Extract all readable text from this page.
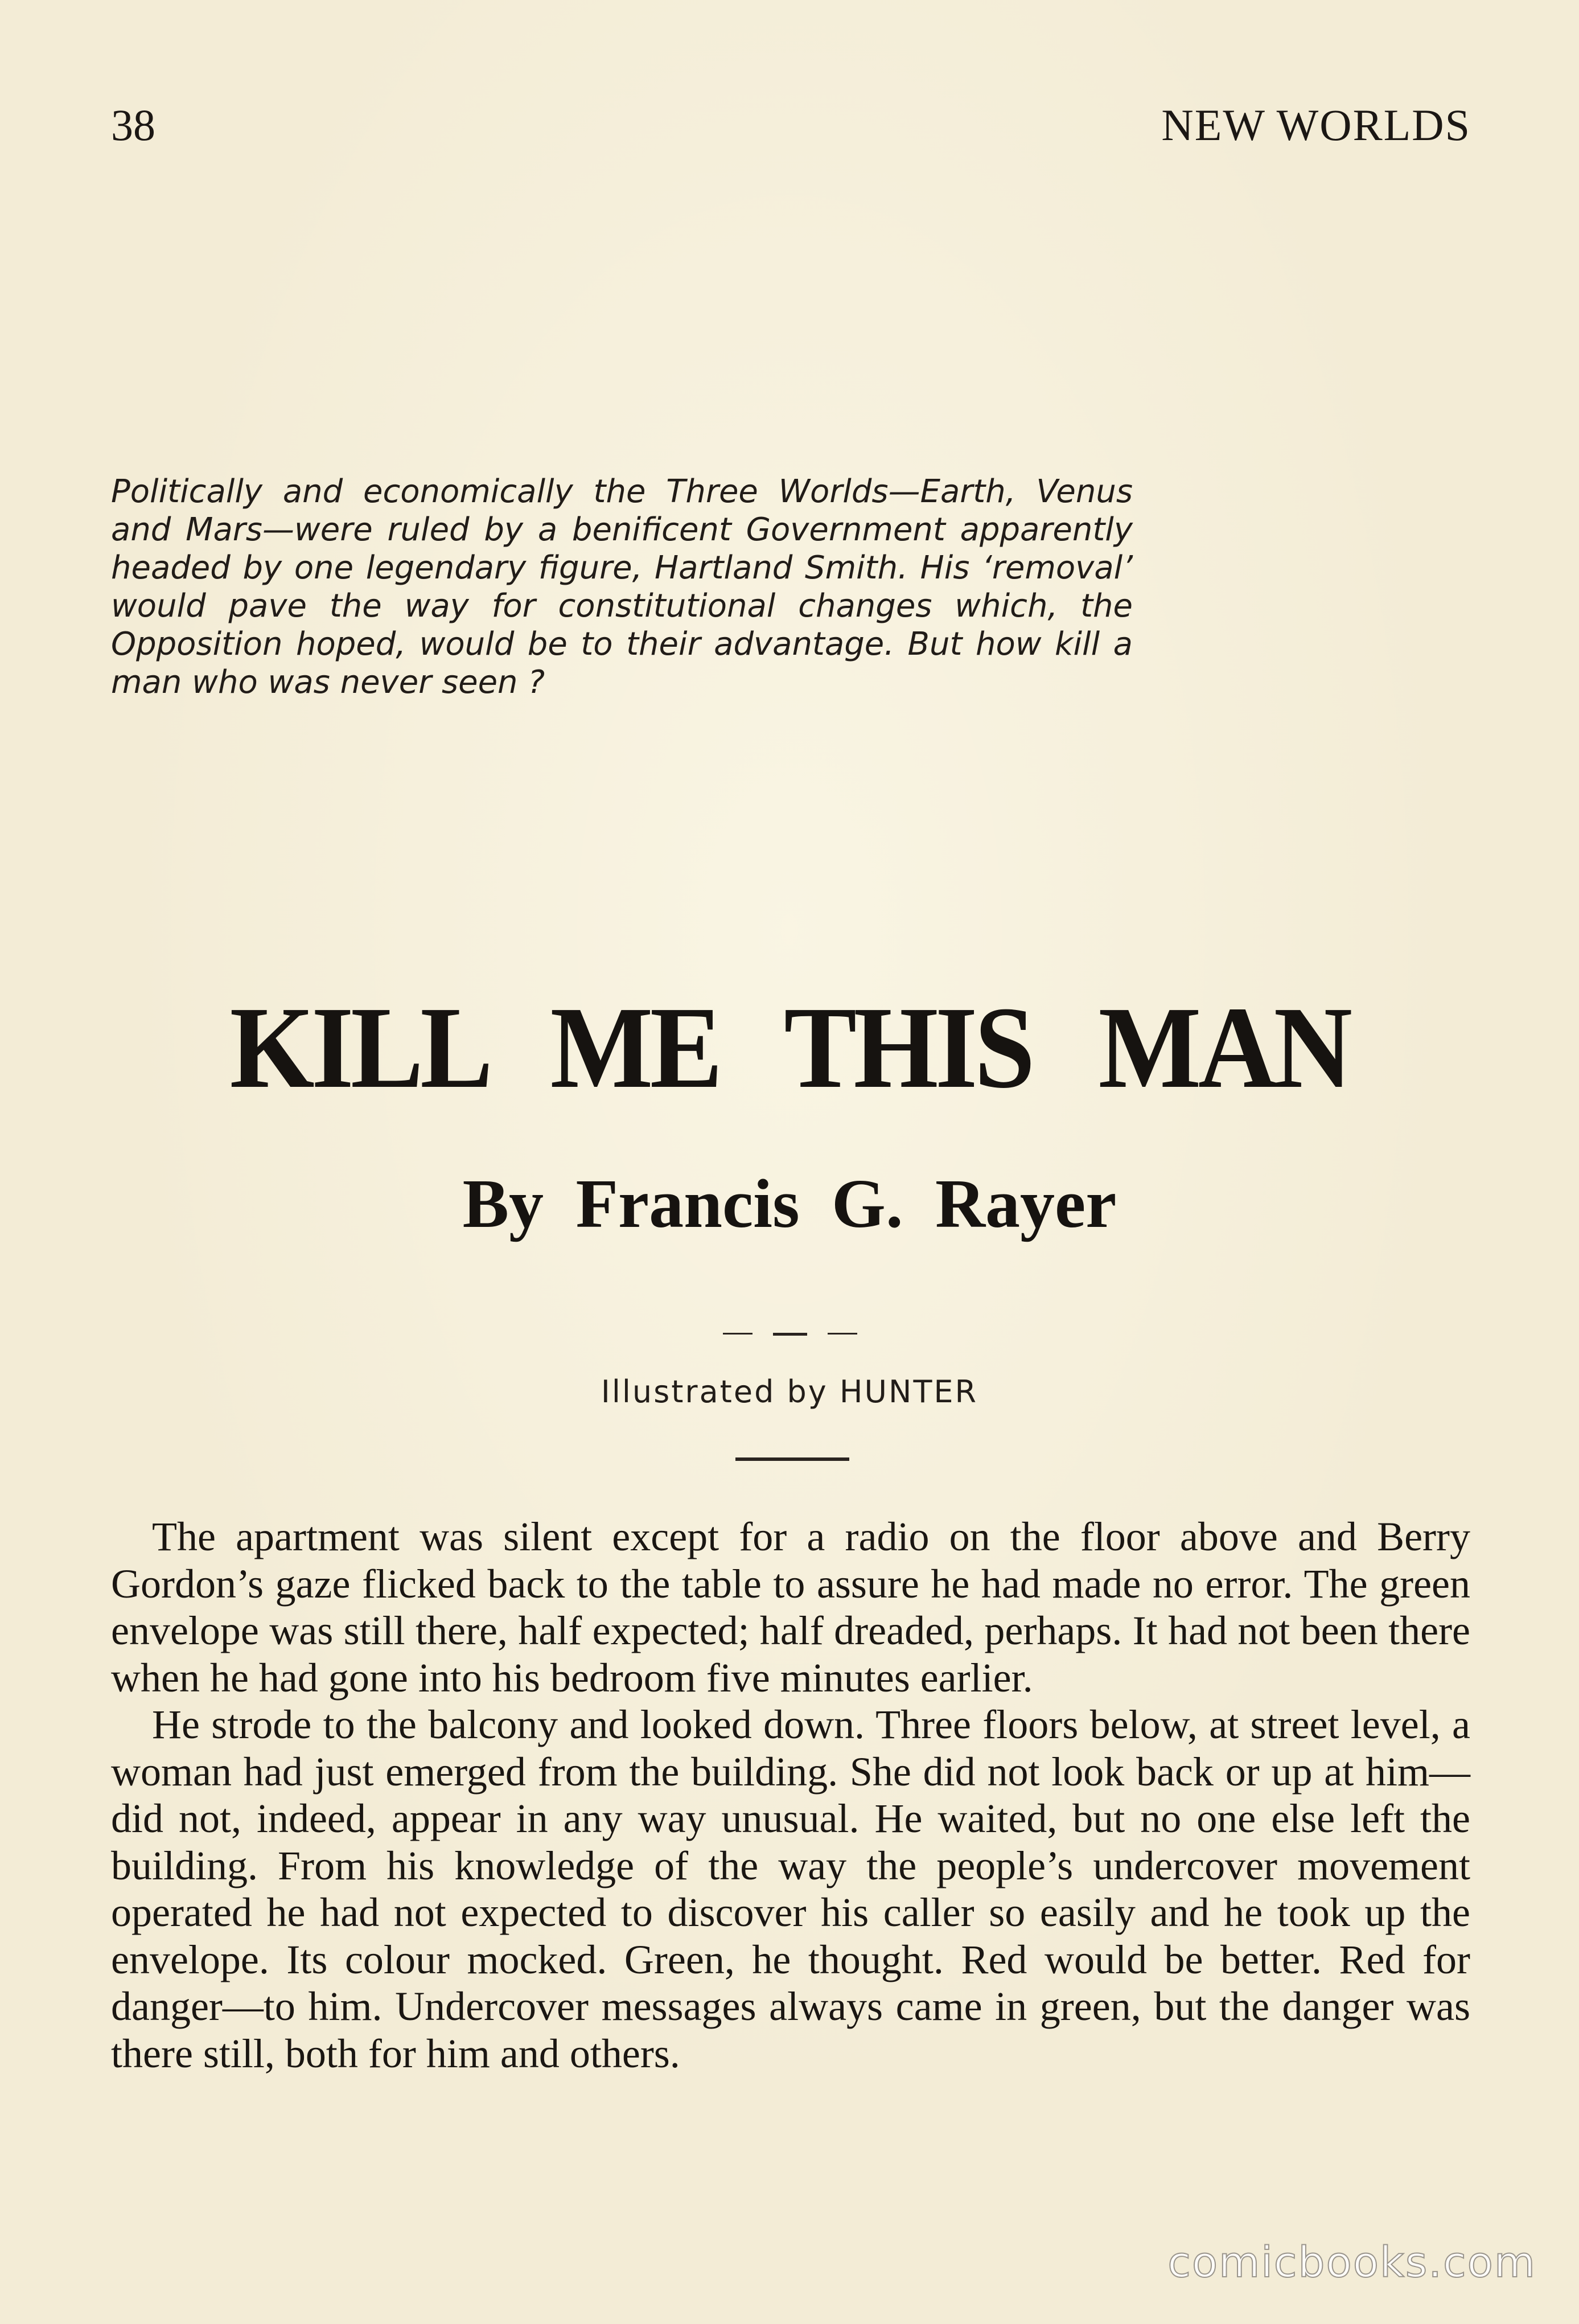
38	NEW WORLDS
Politically and economically the Three Worlds—Earth, Venus and Mars—were ruled by a benificent Government apparently headed by one legendary figure, Hartland Smith. His ‘removal’ would pave the way for constitutional changes which, the Opposition hoped, would be to their advantage. But how kill a man who was never seen ?
KILL ME THIS MAN
By Francis G. Rayer
Illustrated by HUNTER

The apartment was silent except for a radio on the floor above and Berry Gordon’s gaze flicked back to the table to assure he had made no error. The green envelope was still there, half expected; half dreaded, perhaps. It had not been there when he had gone into his bedroom five minutes earlier.

He strode to the balcony and looked down. Three floors below, at street level, a woman had just emerged from the building. She did not look back or up at him—did not, indeed, appear in any way unusual. He waited, but no one else left the building. From his knowledge of the way the people’s undercover movement operated he had not expected to discover his caller so easily and he took up the envelope. Its colour mocked. Green, he thought. Red would be better. Red for danger—to him. Undercover messages always came in green, but the danger was there still, both for him and others.

comicbooks.com
